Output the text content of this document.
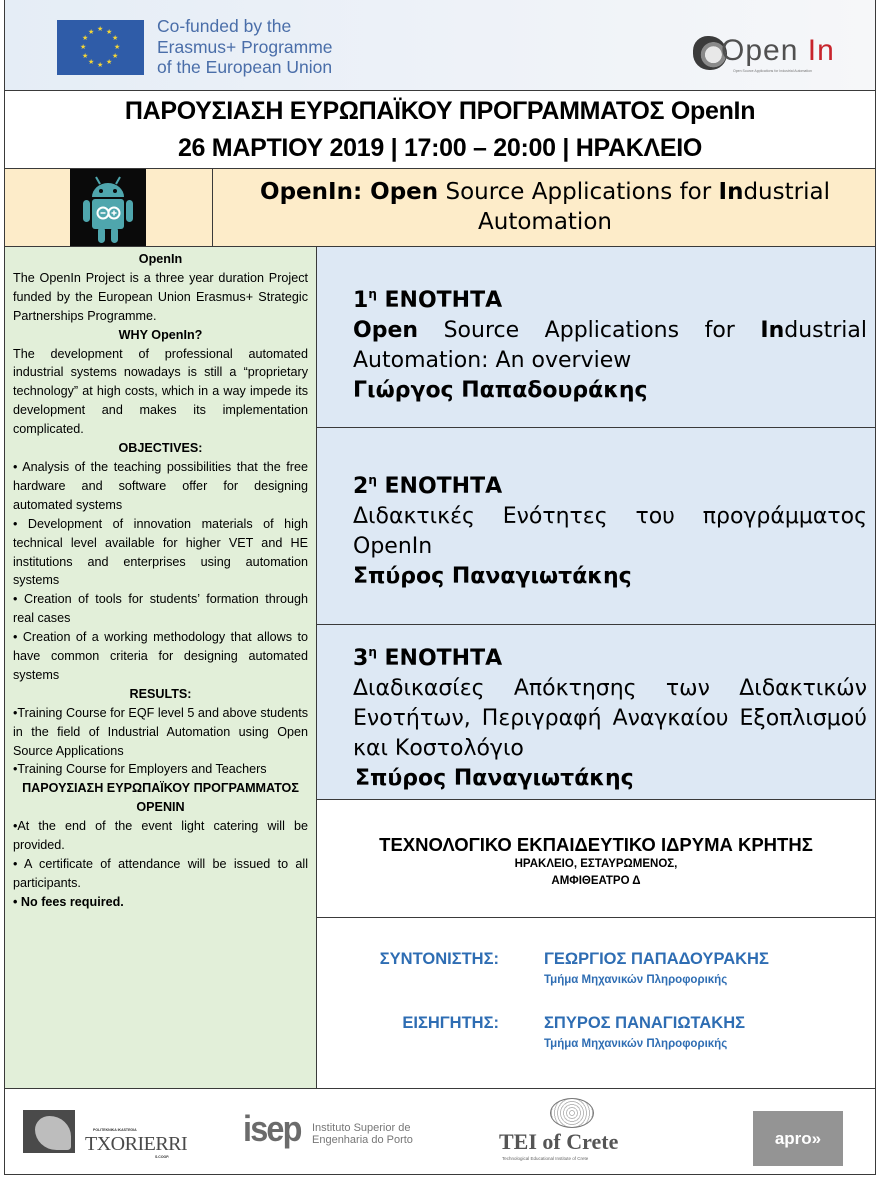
★ ★
★
★
★
★
★
★
★
★
★
★	Co-funded by the
Erasmus+ Programme
of the European Union	Open In
Open Source Applications for Industrial Automation
ΠΑΡΟΥΣΙΑΣΗ ΕΥΡΩΠΑΪΚΟΥ ΠΡΟΓΡΑΜΜΑΤΟΣ OpenIn
26 ΜΑΡΤΙΟΥ 2019 | 17:00 – 20:00 | ΗΡΑΚΛΕΙΟ
OpenIn: Open Source Applications for Industrial Automation
OpenIn
The OpenIn Project is a three year duration Project funded by the European Union Erasmus+ Strategic Partnerships Programme.
WHY OpenIn?
The development of professional automated industrial systems nowadays is still a “proprietary technology” at high costs, which in a way impede its development and makes its implementation complicated.
OBJECTIVES:
• Analysis of the teaching possibilities that the free hardware and software offer for designing automated systems
• Development of innovation materials of high technical level available for higher VET and HE institutions and enterprises using automation systems
• Creation of tools for students’ formation through real cases
• Creation of a working methodology that allows to have common criteria for designing automated systems
RESULTS:
•Training Course for EQF level 5 and above students in the field of Industrial Automation using Open Source Applications
•Training Course for Employers and Teachers
ΠΑΡΟΥΣΙΑΣΗ ΕΥΡΩΠΑΪΚΟΥ ΠΡΟΓΡΑΜΜΑΤΟΣ OPENIN
•At the end of the event light catering will be provided.
• A certificate of attendance will be issued to all participants.
• No fees required.
$1^\eta$ ΕΝΟΤΗΤΑ
Open Source Applications for Industrial Automation: An overview
Γιώργος Παπαδουράκης
$2^\eta$ ΕΝΟΤΗΤΑ
Διδακτικές Ενότητες του προγράμματος OpenIn
Σπύρος Παναγιωτάκης
$3^\eta$ ΕΝΟΤΗΤΑ
Διαδικασίες Απόκτησης των Διδακτικών Ενοτήτων, Περιγραφή Αναγκαίου Εξοπλισμού και Κοστολόγιο
Σπύρος Παναγιωτάκης
ΤΕΧΝΟΛΟΓΙΚΟ ΕΚΠΑΙΔΕΥΤΙΚΟ ΙΔΡΥΜΑ ΚΡΗΤΗΣ
ΗΡΑΚΛΕΙΟ, ΕΣΤΑΥΡΩΜΕΝΟΣ,
ΑΜΦΙΘΕΑΤΡΟ Δ
ΣΥΝΤΟΝΙΣΤΗΣ:	ΓΕΩΡΓΙΟΣ ΠΑΠΑΔΟΥΡΑΚΗΣ
Τμήμα Μηχανικών Πληροφορικής
ΕΙΣΗΓΗΤΗΣ:	ΣΠΥΡΟΣ ΠΑΝΑΓΙΩΤΑΚΗΣ
Τμήμα Μηχανικών Πληροφορικής
POLITEKNIKA IKASTEGIA
TXORIERRI
S.COOP.
isep Instituto Superior de
Engenharia do Porto	TEI of Crete
Technological Educational Institute of Crete
apro»
